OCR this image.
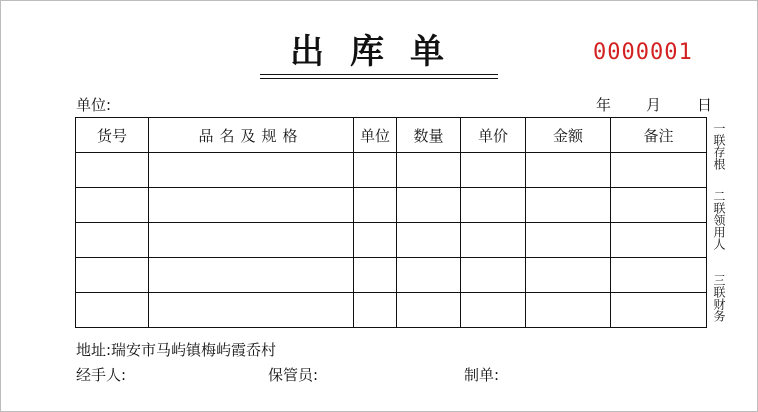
出库单	0000001
单位:	年 月 日
货号	品名及规格	单位	数量	单价	金额	备注

							一联存根
二联领用人
三联财务
地址:瑞安市马屿镇梅屿霞岙村
经手人:	保管员:	制单:
